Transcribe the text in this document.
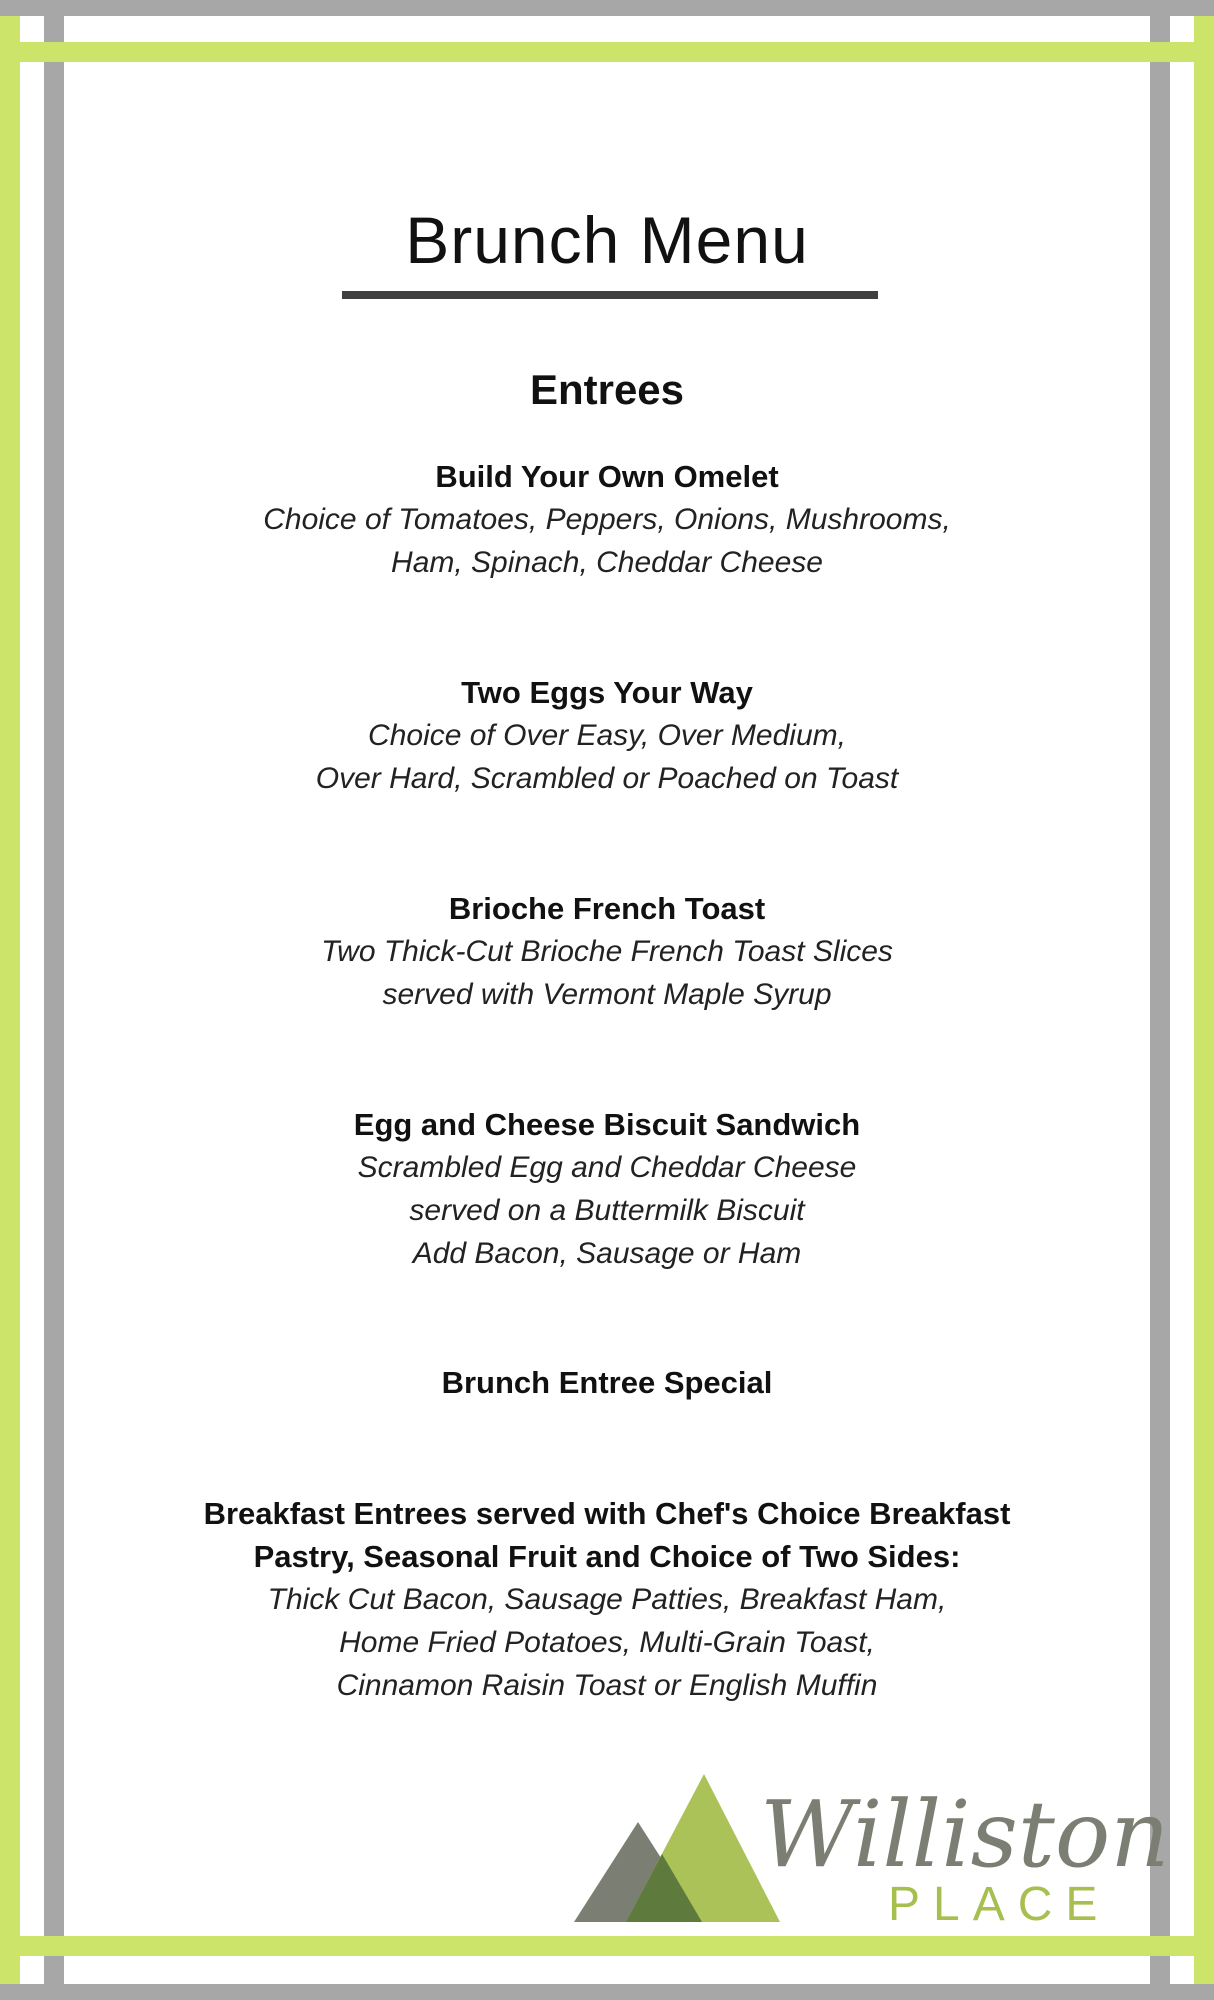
Brunch Menu
Entrees
Build Your Own Omelet
Choice of Tomatoes, Peppers, Onions, Mushrooms,
Ham, Spinach, Cheddar Cheese
Two Eggs Your Way
Choice of Over Easy, Over Medium,
Over Hard, Scrambled or Poached on Toast
Brioche French Toast
Two Thick-Cut Brioche French Toast Slices
served with Vermont Maple Syrup
Egg and Cheese Biscuit Sandwich
Scrambled Egg and Cheddar Cheese
served on a Buttermilk Biscuit
Add Bacon, Sausage or Ham
Brunch Entree Special
Breakfast Entrees served with Chef's Choice Breakfast
Pastry, Seasonal Fruit and Choice of Two Sides:
Thick Cut Bacon, Sausage Patties, Breakfast Ham,
Home Fried Potatoes, Multi-Grain Toast,
Cinnamon Raisin Toast or English Muffin
Williston
PLACE
